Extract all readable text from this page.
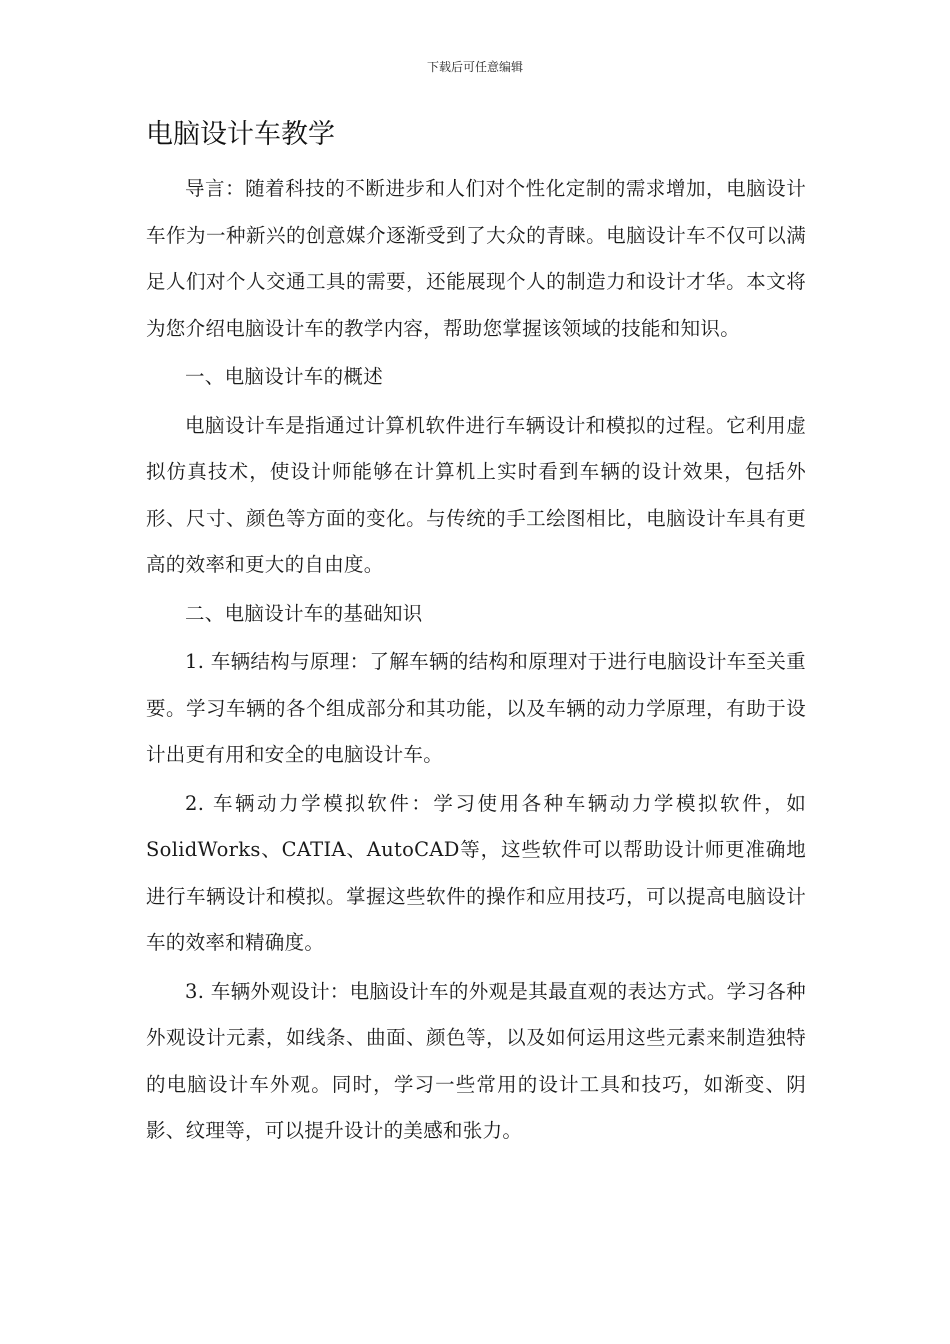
下载后可任意编辑
电脑设计车教学

导言：随着科技的不断进步和人们对个性化定制的需求增加，电脑设计车作为一种新兴的创意媒介逐渐受到了大众的青睐。电脑设计车不仅可以满足人们对个人交通工具的需要，还能展现个人的制造力和设计才华。本文将为您介绍电脑设计车的教学内容，帮助您掌握该领域的技能和知识。

一、电脑设计车的概述

电脑设计车是指通过计算机软件进行车辆设计和模拟的过程。它利用虚拟仿真技术，使设计师能够在计算机上实时看到车辆的设计效果，包括外形、尺寸、颜色等方面的变化。与传统的手工绘图相比，电脑设计车具有更高的效率和更大的自由度。

二、电脑设计车的基础知识

1. 车辆结构与原理：了解车辆的结构和原理对于进行电脑设计车至关重要。学习车辆的各个组成部分和其功能，以及车辆的动力学原理，有助于设计出更有用和安全的电脑设计车。

2. 车辆动力学模拟软件：学习使用各种车辆动力学模拟软件，如SolidWorks、CATIA、AutoCAD等，这些软件可以帮助设计师更准确地进行车辆设计和模拟。掌握这些软件的操作和应用技巧，可以提高电脑设计车的效率和精确度。

3. 车辆外观设计：电脑设计车的外观是其最直观的表达方式。学习各种外观设计元素，如线条、曲面、颜色等，以及如何运用这些元素来制造独特的电脑设计车外观。同时，学习一些常用的设计工具和技巧，如渐变、阴影、纹理等，可以提升设计的美感和张力。
